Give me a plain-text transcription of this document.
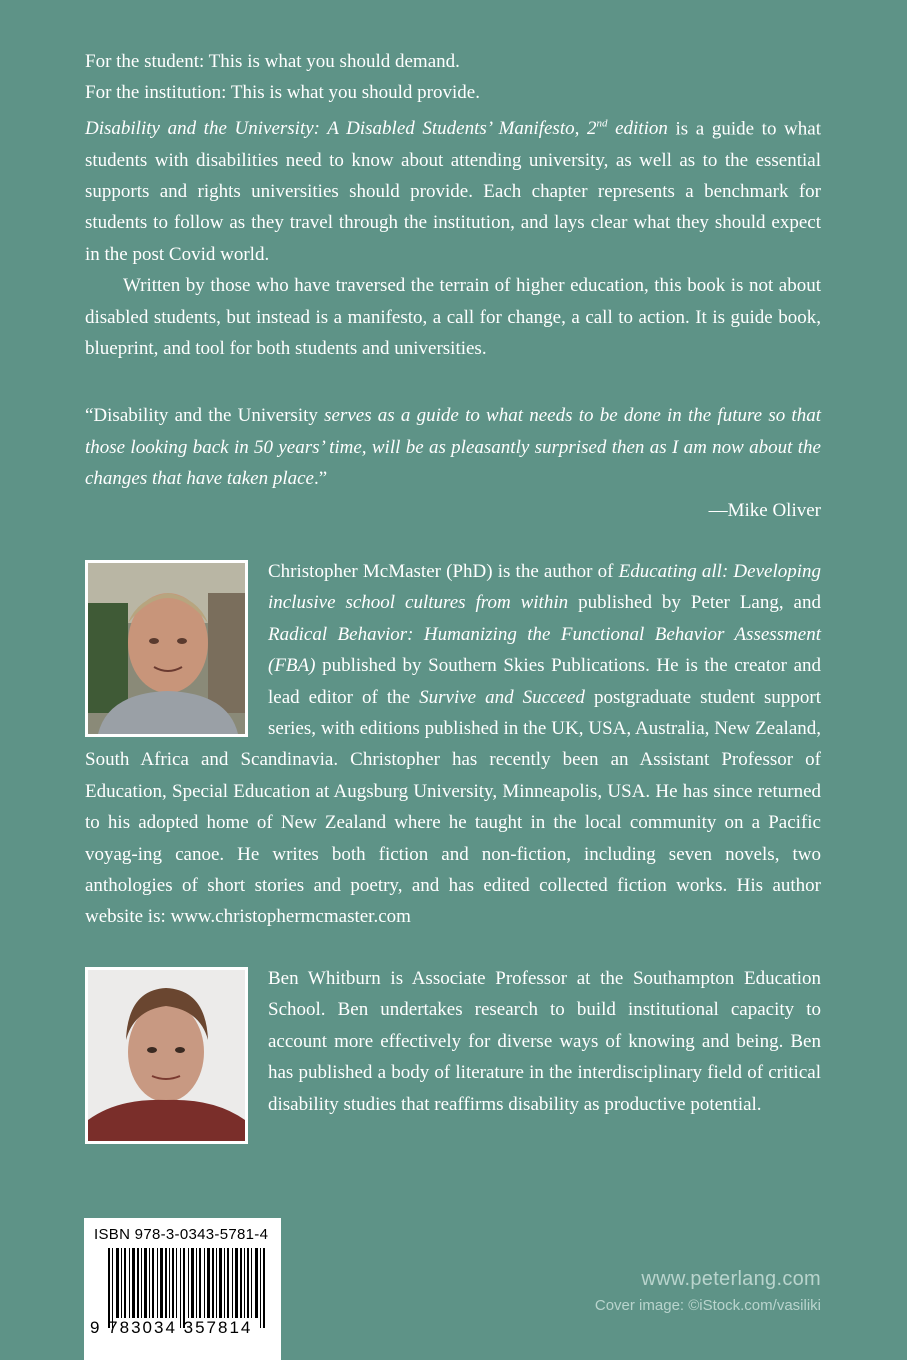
For the student: This is what you should demand.

For the institution: This is what you should provide.

Disability and the University: A Disabled Students’ Manifesto, 2nd edition is a guide to what students with disabilities need to know about attending university, as well as to the essential supports and rights universities should provide. Each chapter represents a benchmark for students to follow as they travel through the institution, and lays clear what they should expect in the post Covid world.

Written by those who have traversed the terrain of higher education, this book is not about disabled students, but instead is a manifesto, a call for change, a call to action. It is guide book, blueprint, and tool for both students and universities.

“Disability and the University serves as a guide to what needs to be done in the future so that those looking back in 50 years’ time, will be as pleasantly surprised then as I am now about the changes that have taken place.”

—Mike Oliver

Christopher McMaster (PhD) is the author of Educating all: Developing inclusive school cultures from within published by Peter Lang, and Radical Behavior: Humanizing the Functional Behavior Assessment (FBA) published by Southern Skies Publications. He is the creator and lead editor of the Survive and Succeed postgraduate student support series, with editions published in the UK, USA, Australia, New Zealand, South Africa and Scandinavia. Christopher has recently been an Assistant Professor of Education, Special Education at Augsburg University, Minneapolis, USA. He has since returned to his adopted home of New Zealand where he taught in the local community on a Pacific voyag-ing canoe. He writes both fiction and non-fiction, including seven novels, two anthologies of short stories and poetry, and has edited collected fiction works. His author website is: www.christophermcmaster.com
Ben Whitburn is Associate Professor at the Southampton Education School. Ben undertakes research to build institutional capacity to account more effectively for diverse ways of knowing and being. Ben has published a body of literature in the interdisciplinary field of critical disability studies that reaffirms disability as productive potential.
ISBN 978-3-0343-5781-4
9 783034 357814
www.peterlang.com
Cover image: ©iStock.com/vasiliki
